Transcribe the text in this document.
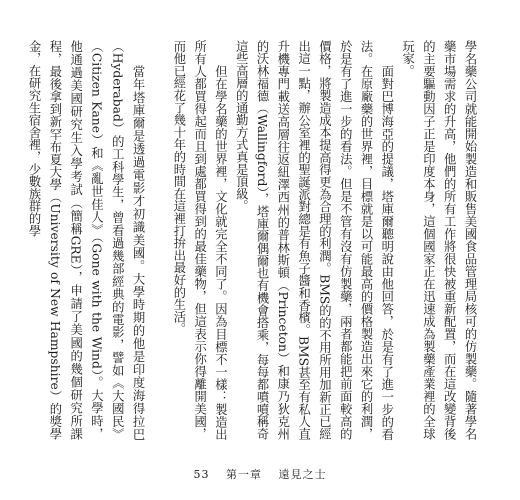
學名藥公司就能開始製造和販售美國食品管理局核可的仿製藥。隨著學名藥市場需求的升高，他們的所有工作將很快被重新配置，而在這改變背後的主要驅動因子正是印度本身，這個國家正在迅速成為製藥產業裡的全球玩家。

面對巴博海亞的提議，塔庫爾聽明說由他回答，於是有了進一步的看法。在原廠藥的世界裡，目標就是以可能最高的價格製造出來它的利潤，於是有了進一步的看法。但是不管有沒有仿製藥，兩者都能把前面較高的價格，將製造成本提高得更為合理的利潤。BMS的的不用所用加新正已經出這一點，辦公室裡的聖誕派對總是有魚子醬和香檳。BMS甚至有私人直升機專門載送高層往返紐澤西州的普林斯頓（Princeton）和康乃狄克州的沃林福德（Wallingford），塔庫爾偶爾也有機會搭乘，每每都噴噴稱奇這些高層的通勤方式真是頂級。

但在學名藥的世界裡，文化就完全不同了。因為目標不一樣：製造出所有人都買得起而且到處都買得到的最佳藥物，但這表示你得離開美國，而他已經花了幾十年的時間在這裡打拚出最好的生活。

當年塔庫爾是透過電影才初識美國。大學時期的他是印度海得拉巴（Hyderabad）的工科學生，曾看過幾部經典的電影，譬如《大國民》（Citizen Kane）和《亂世佳人》（Gone with the Wind）。大學時，他通過美國研究生入學考試（簡稱GRE），申請了美國的幾個研究所課程，最後拿到新罕布夏大學（University of New Hampshire）的獎學金，在研究生宿舍裡，少數族群的學

53 第一章 遠見之士
